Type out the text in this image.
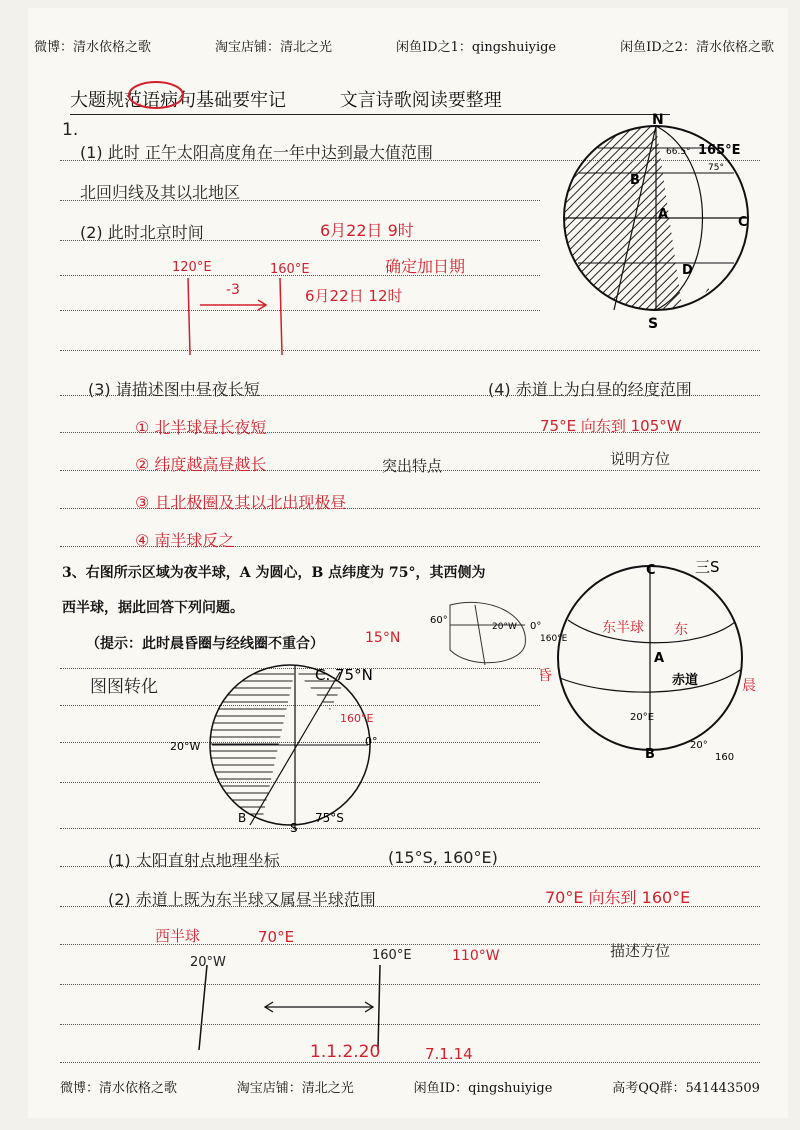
微博：清水依格之歌	淘宝店铺：清北之光	闲鱼ID之1：qingshuiyige	闲鱼ID之2：清水依格之歌
大题规范语病句基础要牢记	文言诗歌阅读要整理
1.
(1) 此时 正午太阳高度角在一年中达到最大值范围
北回归线及其以北地区
(2) 此时北京时间	6月22日 9时
确定加日期
120°E	160°E
-3	6月22日 12时
N
S
A
B
C
D
165°E
66.5°
75°
(3) 请描述图中昼夜长短
① 北半球昼长夜短
② 纬度越高昼越长	突出特点
③ 且北极圈及其以北出现极昼
④ 南半球反之
(4) 赤道上为白昼的经度范围
75°E 向东到 105°W
说明方位
3、右图所示区域为夜半球，A 为圆心，B 点纬度为 75°，其西侧为
西半球，据此回答下列问题。
（提示：此时晨昏圈与经线圈不重合）	15°N
60°
20°W 0°
160°E
C
A
B
赤道
20°E
三S
东半球 东
昏
晨
20°
160
图图转化
C. 75°N
160°E
20°W	0°
75°S
S
B
(1) 太阳直射点地理坐标	(15°S, 160°E)
(2) 赤道上既为东半球又属昼半球范围	70°E 向东到 160°E
描述方位
西半球	70°E
20°W	160°E	110°W
1.1.2.20	7.1.14
微博：清水依格之歌	淘宝店铺：清北之光	闲鱼ID：qingshuiyige	高考QQ群：541443509
